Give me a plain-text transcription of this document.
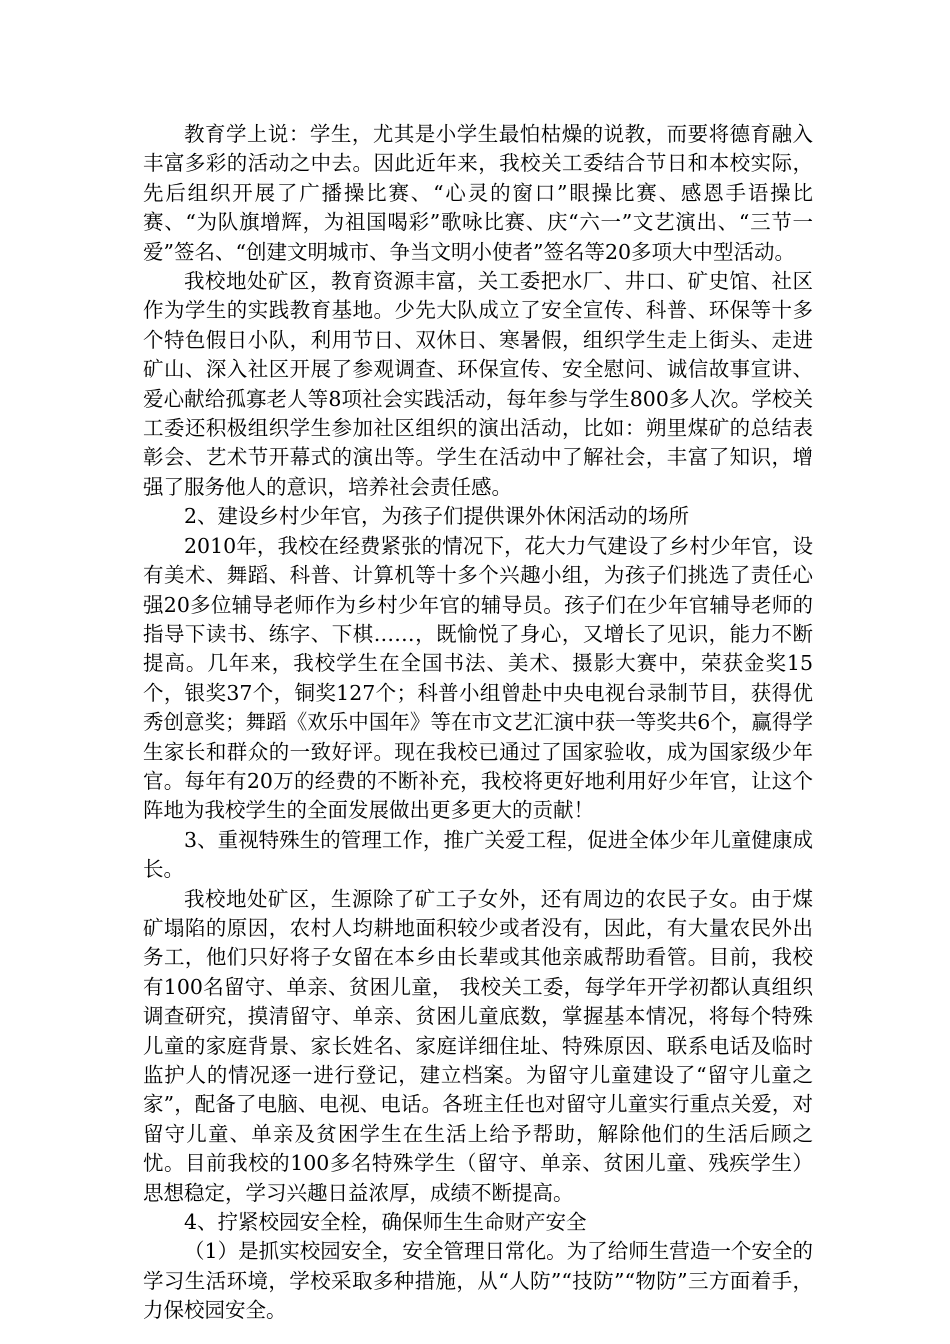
教育学上说：学生，尤其是小学生最怕枯燥的说教，而要将德育融入丰富多彩的活动之中去。因此近年来，我校关工委结合节日和本校实际，先后组织开展了广播操比赛、“心灵的窗口”眼操比赛、感恩手语操比赛、“为队旗增辉，为祖国喝彩”歌咏比赛、庆“六一”文艺演出、“三节一爱”签名、“创建文明城市、争当文明小使者”签名等20多项大中型活动。

我校地处矿区，教育资源丰富，关工委把水厂、井口、矿史馆、社区作为学生的实践教育基地。少先大队成立了安全宣传、科普、环保等十多个特色假日小队，利用节日、双休日、寒暑假，组织学生走上街头、走进矿山、深入社区开展了参观调查、环保宣传、安全慰问、诚信故事宣讲、爱心献给孤寡老人等8项社会实践活动，每年参与学生800多人次。学校关工委还积极组织学生参加社区组织的演出活动，比如：朔里煤矿的总结表彰会、艺术节开幕式的演出等。学生在活动中了解社会，丰富了知识，增强了服务他人的意识，培养社会责任感。

2、建设乡村少年官，为孩子们提供课外休闲活动的场所

2010年，我校在经费紧张的情况下，花大力气建设了乡村少年官，设有美术、舞蹈、科普、计算机等十多个兴趣小组，为孩子们挑选了责任心强20多位辅导老师作为乡村少年官的辅导员。孩子们在少年官辅导老师的指导下读书、练字、下棋……，既愉悦了身心，又增长了见识，能力不断提高。几年来，我校学生在全国书法、美术、摄影大赛中，荣获金奖15个，银奖37个，铜奖127个；科普小组曾赴中央电视台录制节目，获得优秀创意奖；舞蹈《欢乐中国年》等在市文艺汇演中获一等奖共6个，赢得学生家长和群众的一致好评。现在我校已通过了国家验收，成为国家级少年官。每年有20万的经费的不断补充，我校将更好地利用好少年官，让这个阵地为我校学生的全面发展做出更多更大的贡献！

3、重视特殊生的管理工作，推广关爱工程，促进全体少年儿童健康成长。

我校地处矿区，生源除了矿工子女外，还有周边的农民子女。由于煤矿塌陷的原因，农村人均耕地面积较少或者没有，因此，有大量农民外出务工，他们只好将子女留在本乡由长辈或其他亲戚帮助看管。目前，我校有100名留守、单亲、贫困儿童， 我校关工委，每学年开学初都认真组织调查研究，摸清留守、单亲、贫困儿童底数，掌握基本情况，将每个特殊儿童的家庭背景、家长姓名、家庭详细住址、特殊原因、联系电话及临时监护人的情况逐一进行登记，建立档案。为留守儿童建设了“留守儿童之家”，配备了电脑、电视、电话。各班主任也对留守儿童实行重点关爱，对留守儿童、单亲及贫困学生在生活上给予帮助，解除他们的生活后顾之忧。目前我校的100多名特殊学生（留守、单亲、贫困儿童、残疾学生）思想稳定，学习兴趣日益浓厚，成绩不断提高。

4、拧紧校园安全栓，确保师生生命财产安全

（1）是抓实校园安全，安全管理日常化。为了给师生营造一个安全的学习生活环境，学校采取多种措施，从“人防”“技防”“物防”三方面着手，力保校园安全。
